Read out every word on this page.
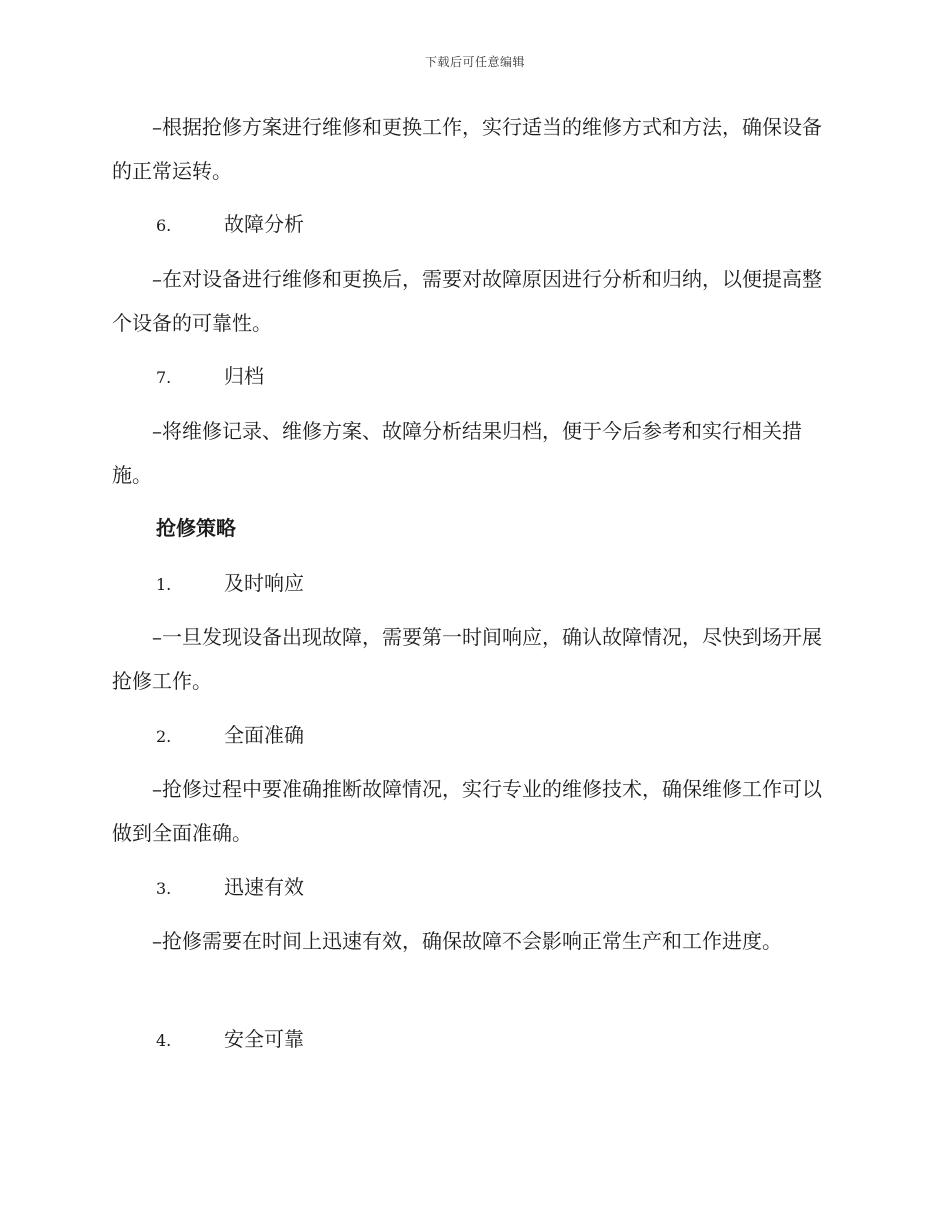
下载后可任意编辑

–根据抢修方案进行维修和更换工作，实行适当的维修方式和方法，确保设备的正常运转。

6.	故障分析

–在对设备进行维修和更换后，需要对故障原因进行分析和归纳，以便提高整个设备的可靠性。

7.	归档

–将维修记录、维修方案、故障分析结果归档，便于今后参考和实行相关措施。

抢修策略
1.	及时响应

–一旦发现设备出现故障，需要第一时间响应，确认故障情况，尽快到场开展抢修工作。

2.	全面准确

–抢修过程中要准确推断故障情况，实行专业的维修技术，确保维修工作可以做到全面准确。

3.	迅速有效

–抢修需要在时间上迅速有效，确保故障不会影响正常生产和工作进度。

4.	安全可靠
